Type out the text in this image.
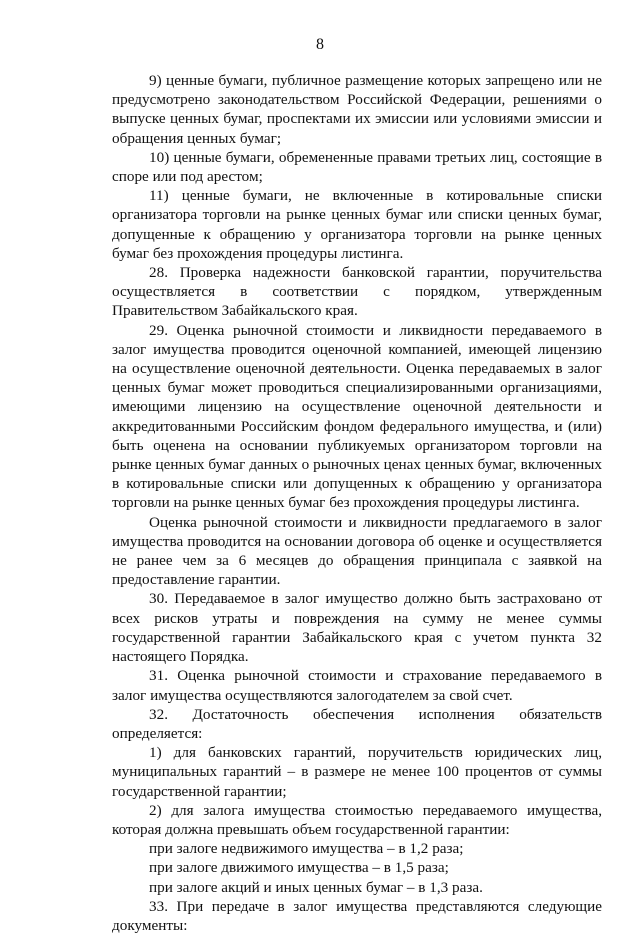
8

9) ценные бумаги, публичное размещение которых запрещено или не предусмотрено законодательством Российской Федерации, решениями о выпуске ценных бумаг, проспектами их эмиссии или условиями эмиссии и обращения ценных бумаг;

10) ценные бумаги, обремененные правами третьих лиц, состоящие в споре или под арестом;

11) ценные бумаги, не включенные в котировальные списки организатора торговли на рынке ценных бумаг или списки ценных бумаг, допущенные к обращению у организатора торговли на рынке ценных бумаг без прохождения процедуры листинга.

28. Проверка надежности банковской гарантии, поручительства осуществляется в соответствии с порядком, утвержденным Правительством Забайкальского края.

29. Оценка рыночной стоимости и ликвидности передаваемого в залог имущества проводится оценочной компанией, имеющей лицензию на осуществление оценочной деятельности. Оценка передаваемых в залог ценных бумаг может проводиться специализированными организациями, имеющими лицензию на осуществление оценочной деятельности и аккредитованными Российским фондом федерального имущества, и (или) быть оценена на основании публикуемых организатором торговли на рынке ценных бумаг данных о рыночных ценах ценных бумаг, включенных в котировальные списки или допущенных к обращению у организатора торговли на рынке ценных бумаг без прохождения процедуры листинга.

Оценка рыночной стоимости и ликвидности предлагаемого в залог имущества проводится на основании договора об оценке и осуществляется не ранее чем за 6 месяцев до обращения принципала с заявкой на предоставление гарантии.

30. Передаваемое в залог имущество должно быть застраховано от всех рисков утраты и повреждения на сумму не менее суммы государственной гарантии Забайкальского края с учетом пункта 32 настоящего Порядка.

31. Оценка рыночной стоимости и страхование передаваемого в залог имущества осуществляются залогодателем за свой счет.

32. Достаточность обеспечения исполнения обязательств определяется:

1) для банковских гарантий, поручительств юридических лиц, муниципальных гарантий – в размере не менее 100 процентов от суммы государственной гарантии;

2) для залога имущества стоимостью передаваемого имущества, которая должна превышать объем государственной гарантии:

при залоге недвижимого имущества – в 1,2 раза;

при залоге движимого имущества – в 1,5 раза;

при залоге акций и иных ценных бумаг – в 1,3 раза.

33. При передаче в залог имущества представляются следующие документы:
